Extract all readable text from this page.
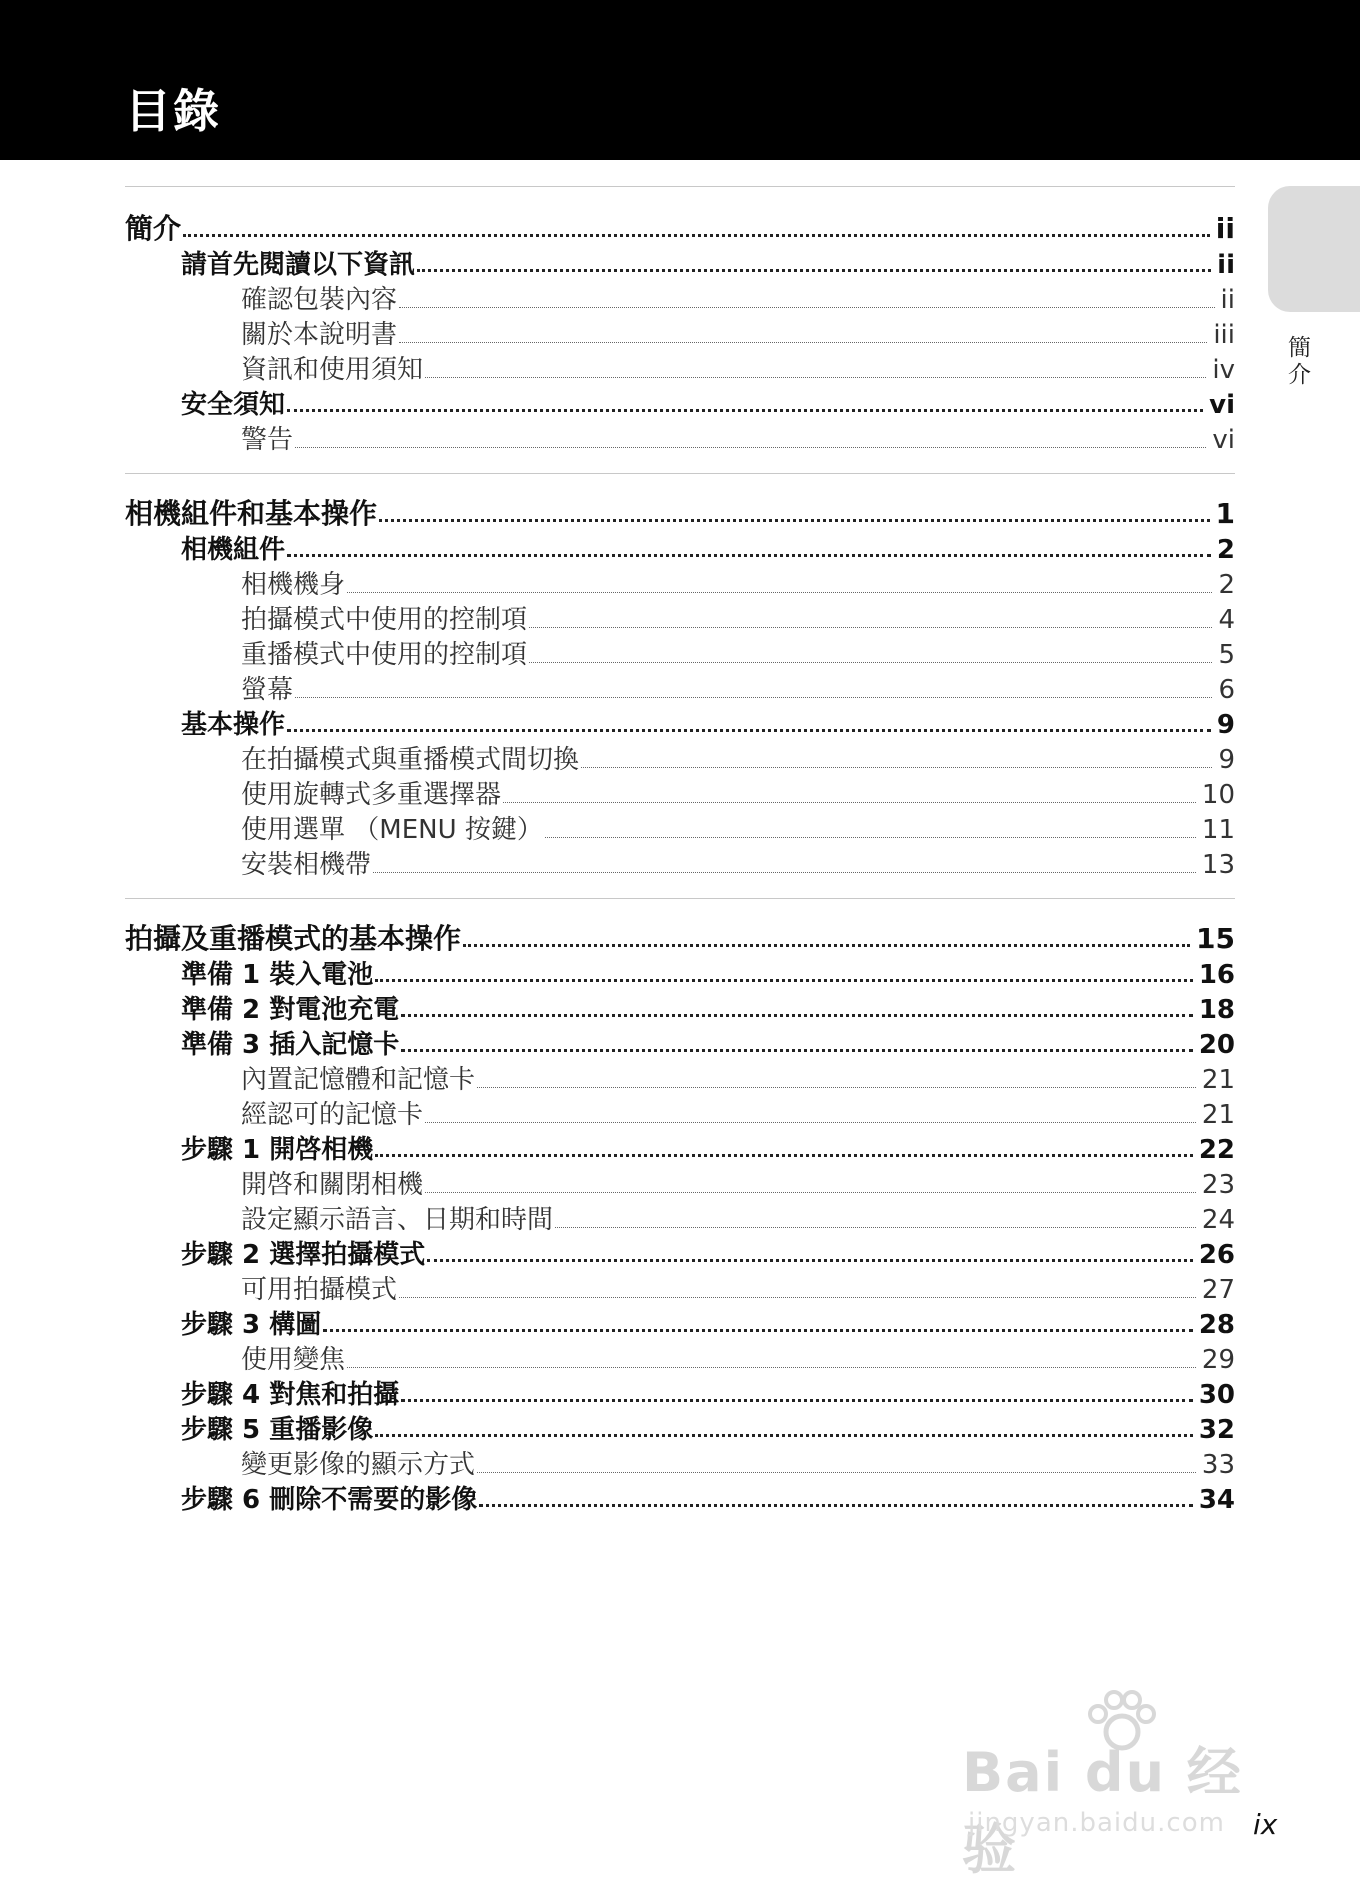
目錄
簡介
簡介	ii
請首先閱讀以下資訊	ii
確認包裝內容	ii
關於本說明書	iii
資訊和使用須知	iv
安全須知	vi
警告	vi
相機組件和基本操作	1
相機組件	2
相機機身	2
拍攝模式中使用的控制項	4
重播模式中使用的控制項	5
螢幕	6
基本操作	9
在拍攝模式與重播模式間切換	9
使用旋轉式多重選擇器	10
使用選單 （MENU 按鍵）	11
安裝相機帶	13
拍攝及重播模式的基本操作	15
準備 1 裝入電池	16
準備 2 對電池充電	18
準備 3 插入記憶卡	20
內置記憶體和記憶卡	21
經認可的記憶卡	21
步驟 1 開啓相機	22
開啓和關閉相機	23
設定顯示語言、日期和時間	24
步驟 2 選擇拍攝模式	26
可用拍攝模式	27
步驟 3 構圖	28
使用變焦	29
步驟 4 對焦和拍攝	30
步驟 5 重播影像	32
變更影像的顯示方式	33
步驟 6 刪除不需要的影像	34
Bai du 经验
jingyan.baidu.com ix
